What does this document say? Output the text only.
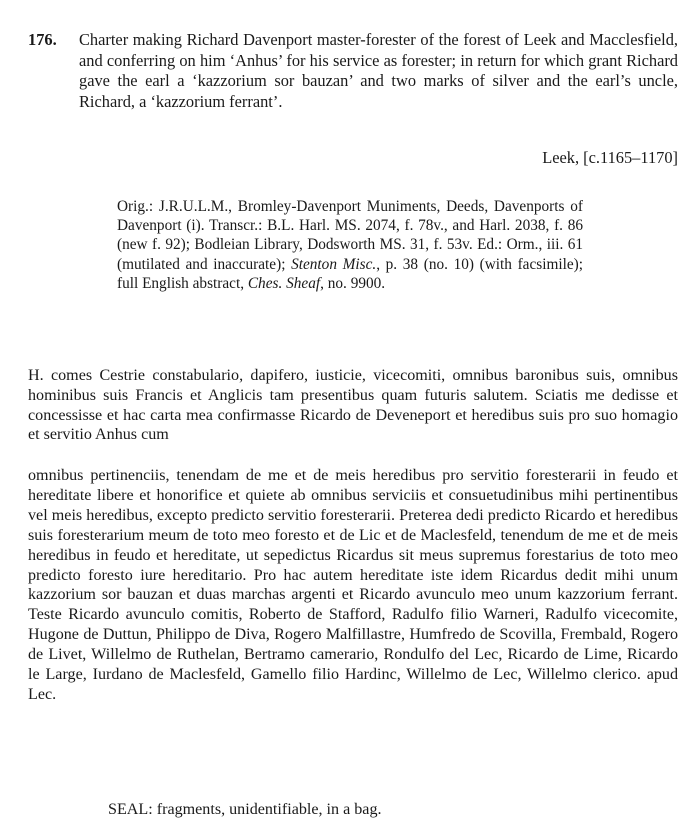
176. Charter making Richard Davenport master-forester of the forest of Leek and Macclesfield, and conferring on him ‘Anhus’ for his service as forester; in return for which grant Richard gave the earl a ‘kazzorium sor bauzan’ and two marks of silver and the earl’s uncle, Richard, a ‘kazzorium ferrant’.
Leek, [c.1165–1170]
Orig.: J.R.U.L.M., Bromley-Davenport Muniments, Deeds, Davenports of Davenport (i). Transcr.: B.L. Harl. MS. 2074, f. 78v., and Harl. 2038, f. 86 (new f. 92); Bodleian Library, Dodsworth MS. 31, f. 53v. Ed.: Orm., iii. 61 (mutilated and inaccurate); Stenton Misc., p. 38 (no. 10) (with facsimile); full English abstract, Ches. Sheaf, no. 9900.
H. comes Cestrie constabulario, dapifero, iusticie, vicecomiti, omnibus baronibus suis, omnibus hominibus suis Francis et Anglicis tam presentibus quam futuris salutem. Sciatis me dedisse et concessisse et hac carta mea confirmasse Ricardo de Deveneport et heredibus suis pro suo homagio et servitio Anhus cum
omnibus pertinenciis, tenendam de me et de meis heredibus pro servitio foresterarii in feudo et hereditate libere et honorifice et quiete ab omnibus serviciis et consuetudinibus mihi pertinentibus vel meis heredibus, excepto predicto servitio foresterarii. Preterea dedi predicto Ricardo et heredibus suis foresterarium meum de toto meo foresto et de Lic et de Maclesfeld, tenendum de me et de meis heredibus in feudo et hereditate, ut sepedictus Ricardus sit meus supremus forestarius de toto meo predicto foresto iure hereditario. Pro hac autem hereditate iste idem Ricardus dedit mihi unum kazzorium sor bauzan et duas marchas argenti et Ricardo avunculo meo unum kazzorium ferrant. Teste Ricardo avunculo comitis, Roberto de Stafford, Radulfo filio Warneri, Radulfo vicecomite, Hugone de Duttun, Philippo de Diva, Rogero Malfillastre, Humfredo de Scovilla, Frembald, Rogero de Livet, Willelmo de Ruthelan, Bertramo camerario, Rondulfo del Lec, Ricardo de Lime, Ricardo le Large, Iurdano de Maclesfeld, Gamello filio Hardinc, Willelmo de Lec, Willelmo clerico. apud Lec.
SEAL: fragments, unidentifiable, in a bag.
